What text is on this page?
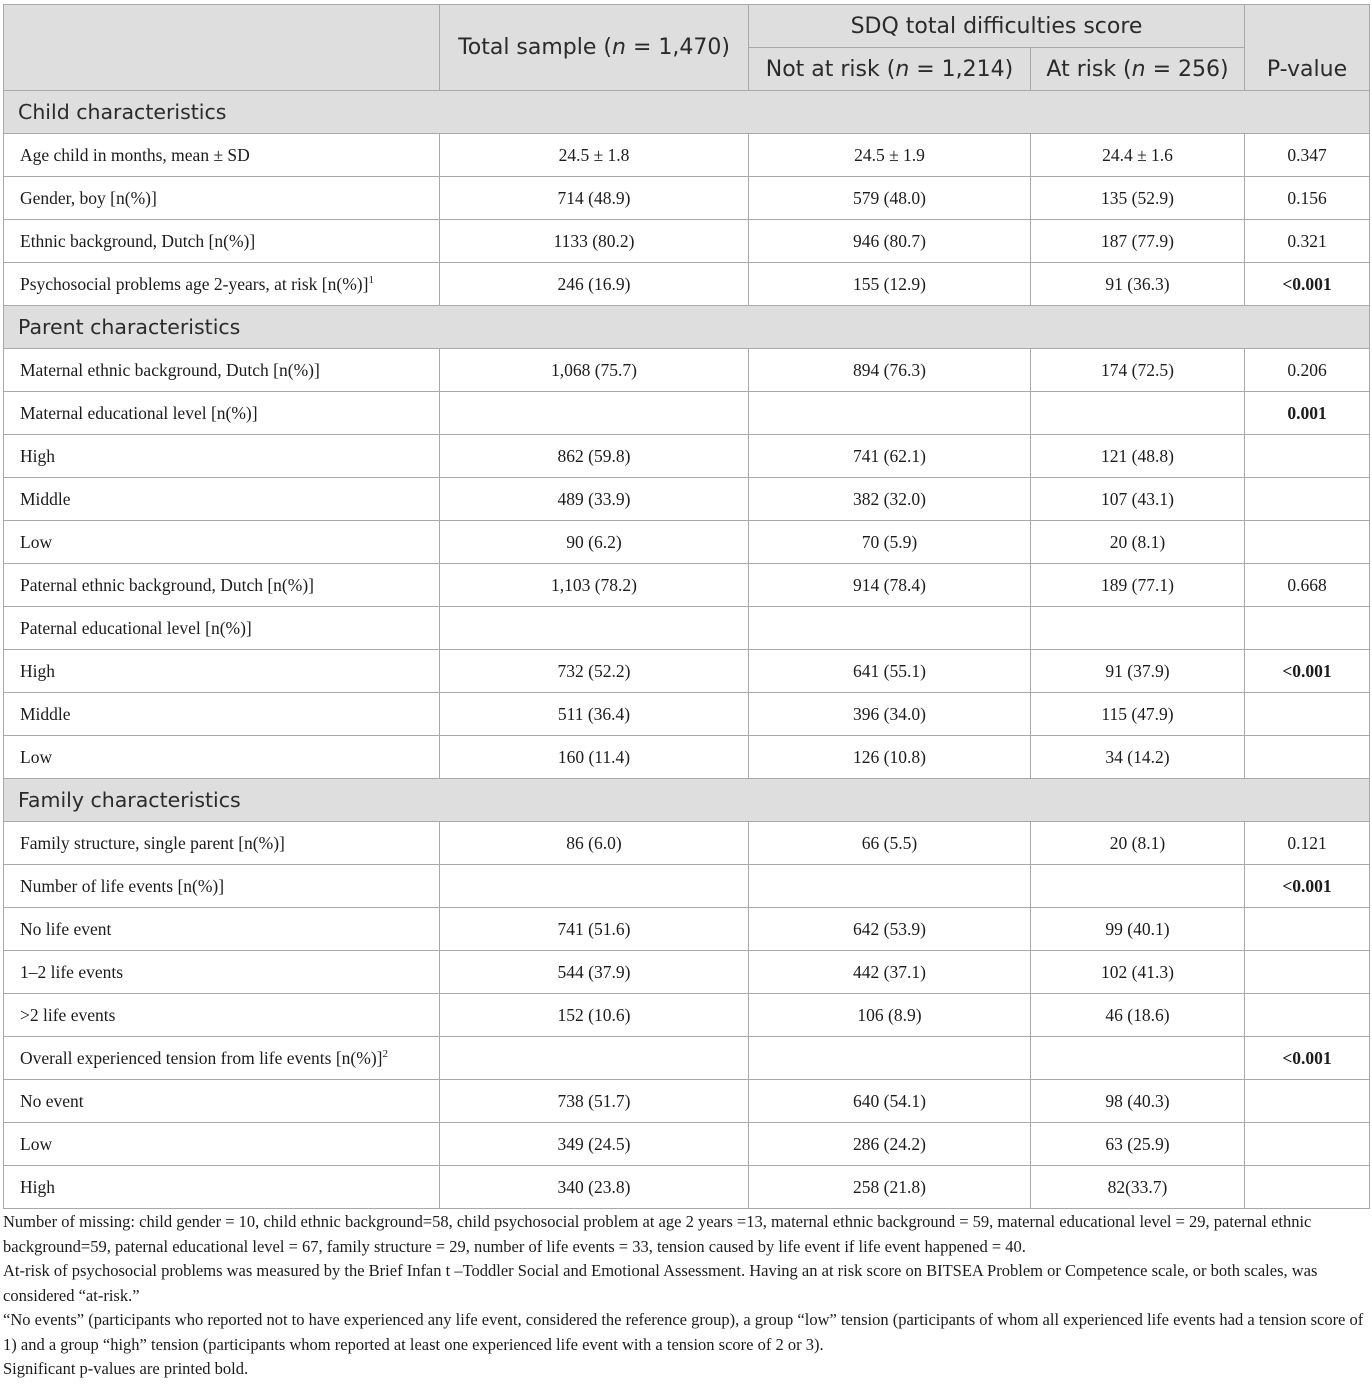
	Total sample (n = 1,470)	SDQ total difficulties score		P-value
		Not at risk (n = 1,214)	At risk (n = 256)	
Child characteristics				
Age child in months, mean ± SD	24.5 ± 1.8	24.5 ± 1.9	24.4 ± 1.6	0.347
Gender, boy [n(%)]	714 (48.9)	579 (48.0)	135 (52.9)	0.156
Ethnic background, Dutch [n(%)]	1133 (80.2)	946 (80.7)	187 (77.9)	0.321
Psychosocial problems age 2-years, at risk $[n(\%)]^1$	246 (16.9)	155 (12.9)	91 (36.3)	<0.001
Parent characteristics				
Maternal ethnic background, Dutch [n(%)]	1,068 (75.7)	894 (76.3)	174 (72.5)	0.206
Maternal educational level [n(%)]				0.001
High	862 (59.8)	741 (62.1)	121 (48.8)	
Middle	489 (33.9)	382 (32.0)	107 (43.1)	
Low	90 (6.2)	70 (5.9)	20 (8.1)	
Paternal ethnic background, Dutch [n(%)]	1,103 (78.2)	914 (78.4)	189 (77.1)	0.668
Paternal educational level [n(%)]				
High	732 (52.2)	641 (55.1)	91 (37.9)	<0.001
Middle	511 (36.4)	396 (34.0)	115 (47.9)	
Low	160 (11.4)	126 (10.8)	34 (14.2)	
Family characteristics				
Family structure, single parent [n(%)]	86 (6.0)	66 (5.5)	20 (8.1)	0.121
Number of life events [n(%)]				<0.001
No life event	741 (51.6)	642 (53.9)	99 (40.1)	
1–2 life events	544 (37.9)	442 (37.1)	102 (41.3)	
>2 life events	152 (10.6)	106 (8.9)	46 (18.6)	
Overall experienced tension from life events $[n(\%)]^2$				<0.001
No event	738 (51.7)	640 (54.1)	98 (40.3)	
Low	349 (24.5)	286 (24.2)	63 (25.9)	
High	340 (23.8)	258 (21.8)	82(33.7)	

Number of missing: child gender = 10, child ethnic background=58, child psychosocial problem at age 2 years =13, maternal ethnic background = 59, maternal educational level = 29, paternal ethnic background=59, paternal educational level = 67, family structure = 29, number of life events = 33, tension caused by life event if life event happened = 40.

At-risk of psychosocial problems was measured by the Brief Infan t –Toddler Social and Emotional Assessment. Having an at risk score on BITSEA Problem or Competence scale, or both scales, was considered “at-risk.”

“No events” (participants who reported not to have experienced any life event, considered the reference group), a group “low” tension (participants of whom all experienced life events had a tension score of 1) and a group “high” tension (participants whom reported at least one experienced life event with a tension score of 2 or 3).

Significant p-values are printed bold.
